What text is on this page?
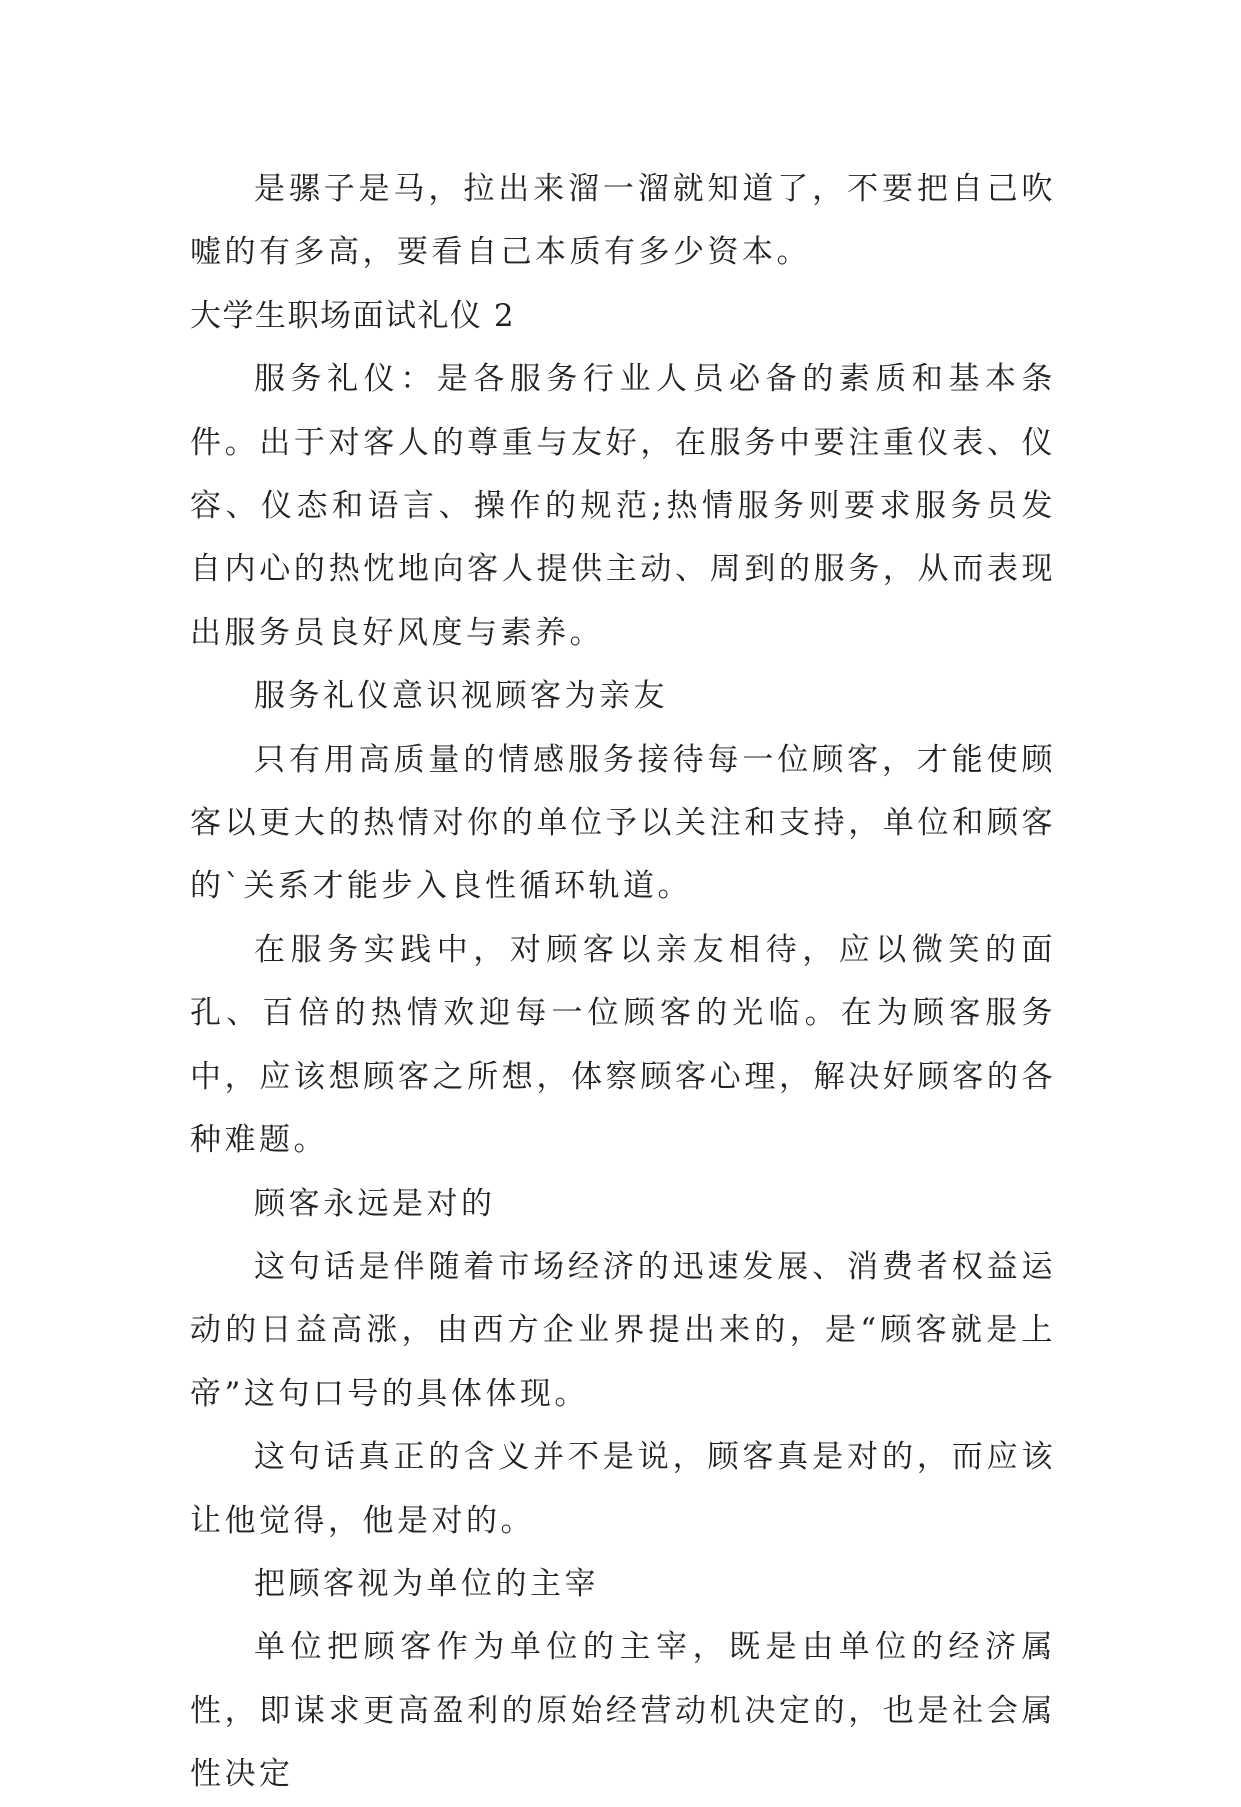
是骡子是马，拉出来溜一溜就知道了，不要把自己吹嘘的有多高，要看自己本质有多少资本。

大学生职场面试礼仪 2

服务礼仪：是各服务行业人员必备的素质和基本条件。出于对客人的尊重与友好，在服务中要注重仪表、仪容、仪态和语言、操作的规范;热情服务则要求服务员发自内心的热忱地向客人提供主动、周到的服务，从而表现出服务员良好风度与素养。

服务礼仪意识视顾客为亲友

只有用高质量的情感服务接待每一位顾客，才能使顾客以更大的热情对你的单位予以关注和支持，单位和顾客的`关系才能步入良性循环轨道。

在服务实践中，对顾客以亲友相待，应以微笑的面孔、百倍的热情欢迎每一位顾客的光临。在为顾客服务中，应该想顾客之所想，体察顾客心理，解决好顾客的各种难题。

顾客永远是对的

这句话是伴随着市场经济的迅速发展、消费者权益运动的日益高涨，由西方企业界提出来的，是“顾客就是上帝”这句口号的具体体现。

这句话真正的含义并不是说，顾客真是对的，而应该让他觉得，他是对的。

把顾客视为单位的主宰

单位把顾客作为单位的主宰，既是由单位的经济属性，即谋求更高盈利的原始经营动机决定的，也是社会属性决定
